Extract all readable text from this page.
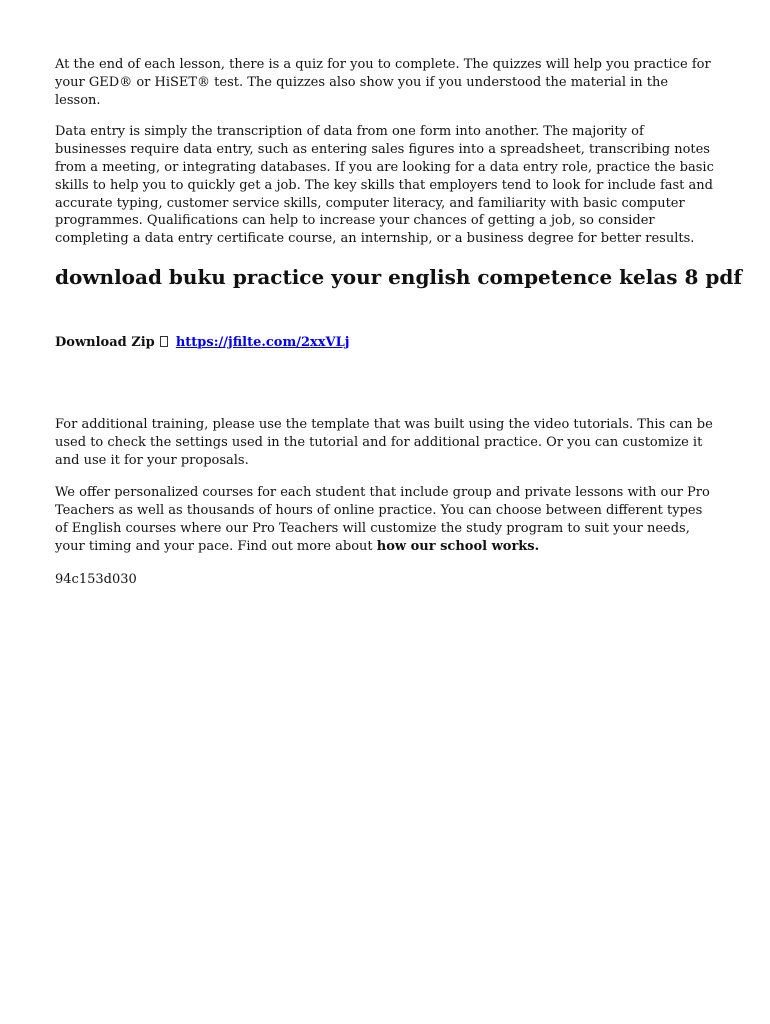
At the end of each lesson, there is a quiz for you to complete. The quizzes will help you practice for your GED® or HiSET® test. The quizzes also show you if you understood the material in the lesson.

Data entry is simply the transcription of data from one form into another. The majority of businesses require data entry, such as entering sales figures into a spreadsheet, transcribing notes from a meeting, or integrating databases. If you are looking for a data entry role, practice the basic skills to help you to quickly get a job. The key skills that employers tend to look for include fast and accurate typing, customer service skills, computer literacy, and familiarity with basic computer programmes. Qualifications can help to increase your chances of getting a job, so consider completing a data entry certificate course, an internship, or a business degree for better results.

download buku practice your english competence kelas 8 pdf
Download Zip https://jfilte.com/2xxVLj

For additional training, please use the template that was built using the video tutorials. This can be used to check the settings used in the tutorial and for additional practice. Or you can customize it and use it for your proposals.

We offer personalized courses for each student that include group and private lessons with our Pro Teachers as well as thousands of hours of online practice. You can choose between different types of English courses where our Pro Teachers will customize the study program to suit your needs, your timing and your pace. Find out more about how our school works.

94c153d030
